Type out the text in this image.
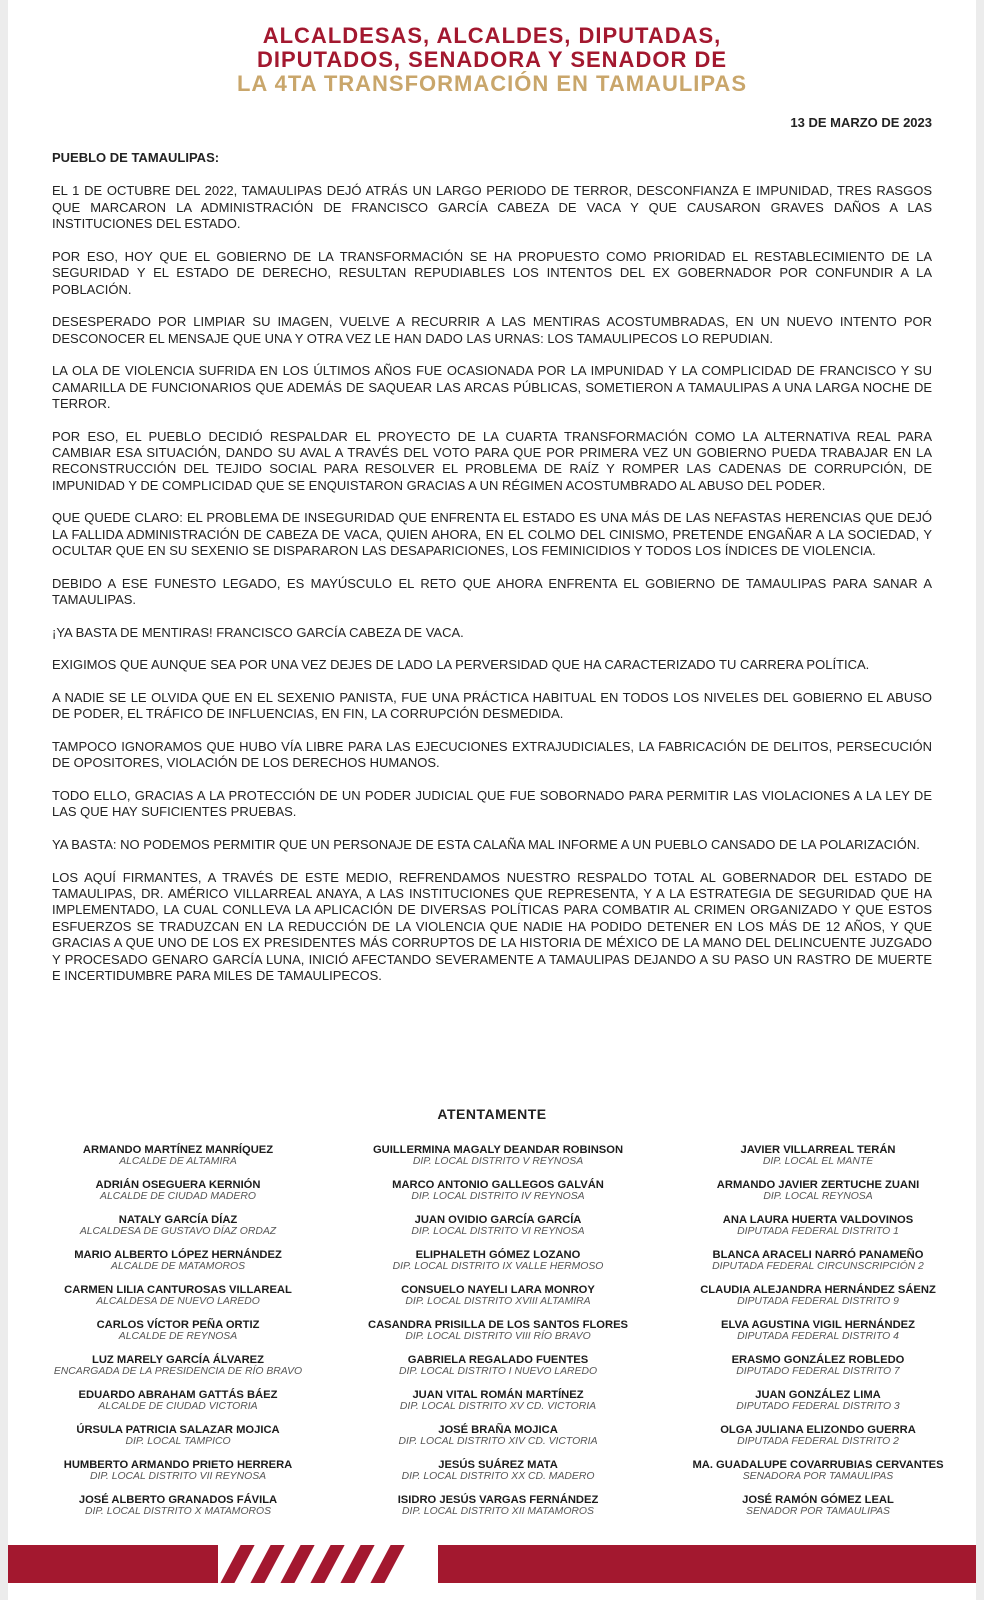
ALCALDESAS, ALCALDES, DIPUTADAS,
DIPUTADOS, SENADORA Y SENADOR DE
LA 4TA TRANSFORMACIÓN EN TAMAULIPAS
13 DE MARZO DE 2023
PUEBLO DE TAMAULIPAS:

EL 1 DE OCTUBRE DEL 2022, TAMAULIPAS DEJÓ ATRÁS UN LARGO PERIODO DE TERROR, DESCONFIANZA E IMPUNIDAD, TRES RASGOS QUE MARCARON LA ADMINISTRACIÓN DE FRANCISCO GARCÍA CABEZA DE VACA Y QUE CAUSARON GRAVES DAÑOS A LAS INSTITUCIONES DEL ESTADO.

POR ESO, HOY QUE EL GOBIERNO DE LA TRANSFORMACIÓN SE HA PROPUESTO COMO PRIORIDAD EL RESTABLECIMIENTO DE LA SEGURIDAD Y EL ESTADO DE DERECHO, RESULTAN REPUDIABLES LOS INTENTOS DEL EX GOBERNADOR POR CONFUNDIR A LA POBLACIÓN.

DESESPERADO POR LIMPIAR SU IMAGEN, VUELVE A RECURRIR A LAS MENTIRAS ACOSTUMBRADAS, EN UN NUEVO INTENTO POR DESCONOCER EL MENSAJE QUE UNA Y OTRA VEZ LE HAN DADO LAS URNAS: LOS TAMAULIPECOS LO REPUDIAN.

LA OLA DE VIOLENCIA SUFRIDA EN LOS ÚLTIMOS AÑOS FUE OCASIONADA POR LA IMPUNIDAD Y LA COMPLICIDAD DE FRANCISCO Y SU CAMARILLA DE FUNCIONARIOS QUE ADEMÁS DE SAQUEAR LAS ARCAS PÚBLICAS, SOMETIERON A TAMAULIPAS A UNA LARGA NOCHE DE TERROR.

POR ESO, EL PUEBLO DECIDIÓ RESPALDAR EL PROYECTO DE LA CUARTA TRANSFORMACIÓN COMO LA ALTERNATIVA REAL PARA CAMBIAR ESA SITUACIÓN, DANDO SU AVAL A TRAVÉS DEL VOTO PARA QUE POR PRIMERA VEZ UN GOBIERNO PUEDA TRABAJAR EN LA RECONSTRUCCIÓN DEL TEJIDO SOCIAL PARA RESOLVER EL PROBLEMA DE RAÍZ Y ROMPER LAS CADENAS DE CORRUPCIÓN, DE IMPUNIDAD Y DE COMPLICIDAD QUE SE ENQUISTARON GRACIAS A UN RÉGIMEN ACOSTUMBRADO AL ABUSO DEL PODER.

QUE QUEDE CLARO: EL PROBLEMA DE INSEGURIDAD QUE ENFRENTA EL ESTADO ES UNA MÁS DE LAS NEFASTAS HERENCIAS QUE DEJÓ LA FALLIDA ADMINISTRACIÓN DE CABEZA DE VACA, QUIEN AHORA, EN EL COLMO DEL CINISMO, PRETENDE ENGAÑAR A LA SOCIEDAD, Y OCULTAR QUE EN SU SEXENIO SE DISPARARON LAS DESAPARICIONES, LOS FEMINICIDIOS Y TODOS LOS ÍNDICES DE VIOLENCIA.

DEBIDO A ESE FUNESTO LEGADO, ES MAYÚSCULO EL RETO QUE AHORA ENFRENTA EL GOBIERNO DE TAMAULIPAS PARA SANAR A TAMAULIPAS.

¡YA BASTA DE MENTIRAS! FRANCISCO GARCÍA CABEZA DE VACA.

EXIGIMOS QUE AUNQUE SEA POR UNA VEZ DEJES DE LADO LA PERVERSIDAD QUE HA CARACTERIZADO TU CARRERA POLÍTICA.

A NADIE SE LE OLVIDA QUE EN EL SEXENIO PANISTA, FUE UNA PRÁCTICA HABITUAL EN TODOS LOS NIVELES DEL GOBIERNO EL ABUSO DE PODER, EL TRÁFICO DE INFLUENCIAS, EN FIN, LA CORRUPCIÓN DESMEDIDA.

TAMPOCO IGNORAMOS QUE HUBO VÍA LIBRE PARA LAS EJECUCIONES EXTRAJUDICIALES, LA FABRICACIÓN DE DELITOS, PERSECUCIÓN DE OPOSITORES, VIOLACIÓN DE LOS DERECHOS HUMANOS.

TODO ELLO, GRACIAS A LA PROTECCIÓN DE UN PODER JUDICIAL QUE FUE SOBORNADO PARA PERMITIR LAS VIOLACIONES A LA LEY DE LAS QUE HAY SUFICIENTES PRUEBAS.

YA BASTA: NO PODEMOS PERMITIR QUE UN PERSONAJE DE ESTA CALAÑA MAL INFORME A UN PUEBLO CANSADO DE LA POLARIZACIÓN.

LOS AQUÍ FIRMANTES, A TRAVÉS DE ESTE MEDIO, REFRENDAMOS NUESTRO RESPALDO TOTAL AL GOBERNADOR DEL ESTADO DE TAMAULIPAS, DR. AMÉRICO VILLARREAL ANAYA, A LAS INSTITUCIONES QUE REPRESENTA, Y A LA ESTRATEGIA DE SEGURIDAD QUE HA IMPLEMENTADO, LA CUAL CONLLEVA LA APLICACIÓN DE DIVERSAS POLÍTICAS PARA COMBATIR AL CRIMEN ORGANIZADO Y QUE ESTOS ESFUERZOS SE TRADUZCAN EN LA REDUCCIÓN DE LA VIOLENCIA QUE NADIE HA PODIDO DETENER EN LOS MÁS DE 12 AÑOS, Y QUE GRACIAS A QUE UNO DE LOS EX PRESIDENTES MÁS CORRUPTOS DE LA HISTORIA DE MÉXICO DE LA MANO DEL DELINCUENTE JUZGADO Y PROCESADO GENARO GARCÍA LUNA, INICIÓ AFECTANDO SEVERAMENTE A TAMAULIPAS DEJANDO A SU PASO UN RASTRO DE MUERTE E INCERTIDUMBRE PARA MILES DE TAMAULIPECOS.

ATENTAMENTE
ARMANDO MARTÍNEZ MANRÍQUEZ
ALCALDE DE ALTAMIRA
ADRIÁN OSEGUERA KERNIÓN
ALCALDE DE CIUDAD MADERO
NATALY GARCÍA DÍAZ
ALCALDESA DE GUSTAVO DÍAZ ORDAZ
MARIO ALBERTO LÓPEZ HERNÁNDEZ
ALCALDE DE MATAMOROS
CARMEN LILIA CANTUROSAS VILLAREAL
ALCALDESA DE NUEVO LAREDO
CARLOS VÍCTOR PEÑA ORTIZ
ALCALDE DE REYNOSA
LUZ MARELY GARCÍA ÁLVAREZ
ENCARGADA DE LA PRESIDENCIA DE RÍO BRAVO
EDUARDO ABRAHAM GATTÁS BÁEZ
ALCALDE DE CIUDAD VICTORIA
ÚRSULA PATRICIA SALAZAR MOJICA
DIP. LOCAL TAMPICO
HUMBERTO ARMANDO PRIETO HERRERA
DIP. LOCAL DISTRITO VII REYNOSA
JOSÉ ALBERTO GRANADOS FÁVILA
DIP. LOCAL DISTRITO X MATAMOROS
GUILLERMINA MAGALY DEANDAR ROBINSON
DIP. LOCAL DISTRITO V REYNOSA
MARCO ANTONIO GALLEGOS GALVÁN
DIP. LOCAL DISTRITO IV REYNOSA
JUAN OVIDIO GARCÍA GARCÍA
DIP. LOCAL DISTRITO VI REYNOSA
ELIPHALETH GÓMEZ LOZANO
DIP. LOCAL DISTRITO IX VALLE HERMOSO
CONSUELO NAYELI LARA MONROY
DIP. LOCAL DISTRITO XVIII ALTAMIRA
CASANDRA PRISILLA DE LOS SANTOS FLORES
DIP. LOCAL DISTRITO VIII RÍO BRAVO
GABRIELA REGALADO FUENTES
DIP. LOCAL DISTRITO I NUEVO LAREDO
JUAN VITAL ROMÁN MARTÍNEZ
DIP. LOCAL DISTRITO XV CD. VICTORIA
JOSÉ BRAÑA MOJICA
DIP. LOCAL DISTRITO XIV CD. VICTORIA
JESÚS SUÁREZ MATA
DIP. LOCAL DISTRITO XX CD. MADERO
ISIDRO JESÚS VARGAS FERNÁNDEZ
DIP. LOCAL DISTRITO XII MATAMOROS
JAVIER VILLARREAL TERÁN
DIP. LOCAL EL MANTE
ARMANDO JAVIER ZERTUCHE ZUANI
DIP. LOCAL REYNOSA
ANA LAURA HUERTA VALDOVINOS
DIPUTADA FEDERAL DISTRITO 1
BLANCA ARACELI NARRÓ PANAMEÑO
DIPUTADA FEDERAL CIRCUNSCRIPCIÓN 2
CLAUDIA ALEJANDRA HERNÁNDEZ SÁENZ
DIPUTADA FEDERAL DISTRITO 9
ELVA AGUSTINA VIGIL HERNÁNDEZ
DIPUTADA FEDERAL DISTRITO 4
ERASMO GONZÁLEZ ROBLEDO
DIPUTADO FEDERAL DISTRITO 7
JUAN GONZÁLEZ LIMA
DIPUTADO FEDERAL DISTRITO 3
OLGA JULIANA ELIZONDO GUERRA
DIPUTADA FEDERAL DISTRITO 2
MA. GUADALUPE COVARRUBIAS CERVANTES
SENADORA POR TAMAULIPAS
JOSÉ RAMÓN GÓMEZ LEAL
SENADOR POR TAMAULIPAS
